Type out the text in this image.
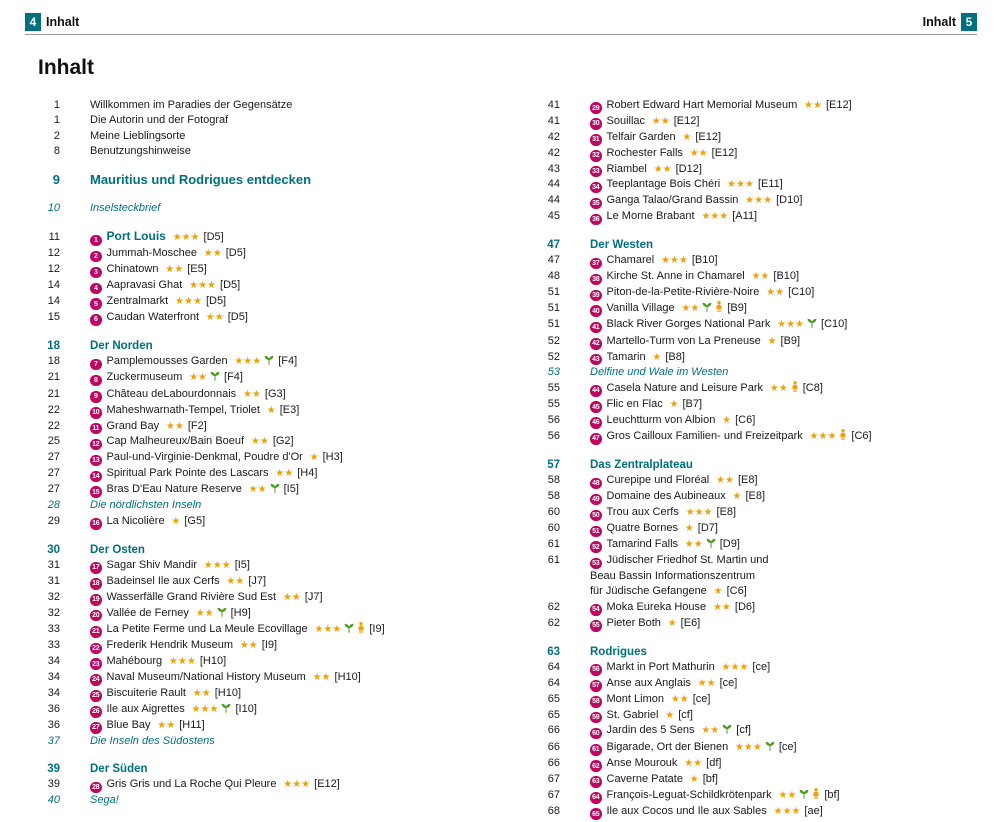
4 Inhalt	Inhalt 5
Inhalt
1	Willkommen im Paradies der Gegensätze
1	Die Autorin und der Fotograf
2	Meine Lieblingsorte
8	Benutzungshinweise
9 Mauritius und Rodrigues entdecken
10	Inselsteckbrief
11	1 Port Louis ★★★ [D5]
12	2 Jummah-Moschee ★★ [D5]
12	3 Chinatown ★★ [E5]
14	4 Aapravasi Ghat ★★★ [D5]
14	5 Zentralmarkt ★★★ [D5]
15	6 Caudan Waterfront ★★ [D5]
18	Der Norden
18	7 Pamplemousses Garden ★★★ [F4]
21	8 Zuckermuseum ★★ [F4]
21	9 Château deLabourdonnais ★★ [G3]
22	10 Maheshwarnath-Tempel, Triolet ★ [E3]
22	11 Grand Bay ★★ [F2]
25	12 Cap Malheureux/Bain Boeuf ★★ [G2]
27	13 Paul-und-Virginie-Denkmal, Poudre d'Or ★ [H3]
27	14 Spiritual Park Pointe des Lascars ★★ [H4]
27	15 Bras D'Eau Nature Reserve ★★ [I5]
28	Die nördlichsten Inseln
29	16 La Nicolière ★ [G5]
30	Der Osten
31	17 Sagar Shiv Mandir ★★★ [I5]
31	18 Badeinsel Ile aux Cerfs ★★ [J7]
32	19 Wasserfälle Grand Rivière Sud Est ★★ [J7]
32	20 Vallée de Ferney ★★ [H9]
33	21 La Petite Ferme und La Meule Ecovillage ★★★	[I9]
33	22 Frederik Hendrik Museum ★★ [I9]
34	23 Mahébourg ★★★ [H10]
34	24 Naval Museum/National History Museum ★★ [H10]
34	25 Biscuiterie Rault ★★ [H10]
36	26 Ile aux Aigrettes ★★★ [I10]
36	27 Blue Bay ★★ [H11]
37	Die Inseln des Südostens
39	Der Süden
39	28 Gris Gris und La Roche Qui Pleure ★★★ [E12]
40	Sega!
41	29 Robert Edward Hart Memorial Museum ★★ [E12]
41	30 Souillac ★★ [E12]
42	31 Telfair Garden ★ [E12]
42	32 Rochester Falls ★★ [E12]
43	33 Riambel ★★ [D12]
44	34 Teeplantage Bois Chéri ★★★ [E11]
44	35 Ganga Talao/Grand Bassin ★★★ [D10]
45	36 Le Morne Brabant ★★★ [A11]
47	Der Westen
47	37 Chamarel ★★★ [B10]
48	38 Kirche St. Anne in Chamarel ★★ [B10]
51	39 Piton-de-la-Petite-Rivière-Noire ★★ [C10]
51	40 Vanilla Village ★★	[B9]
51	41 Black River Gorges National Park ★★★ [C10]
52	42 Martello-Turm von La Preneuse ★ [B9]
52	43 Tamarin ★ [B8]
53	Delfine und Wale im Westen
55	44 Casela Nature and Leisure Park ★★ [C8]
55	45 Flic en Flac ★ [B7]
56	46 Leuchtturm von Albion ★ [C6]
56	47 Gros Cailloux Familien- und Freizeitpark ★★★ [C6]
57	Das Zentralplateau
58	48 Curepipe und Floréal ★★ [E8]
58	49 Domaine des Aubineaux ★ [E8]
60	50 Trou aux Cerfs ★★★ [E8]
60	51 Quatre Bornes ★ [D7]
61	52 Tamarind Falls ★★ [D9]
61	53 Jüdischer Friedhof St. Martin und
Beau Bassin Informationszentrum
für Jüdische Gefangene ★ [C6]
62	54 Moka Eureka House ★★ [D6]
62	55 Pieter Both ★ [E6]
63	Rodrigues
64	56 Markt in Port Mathurin ★★★ [ce]
64	57 Anse aux Anglais ★★ [ce]
65	58 Mont Limon ★★ [ce]
65	59 St. Gabriel ★ [cf]
66	60 Jardin des 5 Sens ★★ [cf]
66	61 Bigarade, Ort der Bienen ★★★ [ce]
66	62 Anse Mourouk ★★ [df]
67	63 Caverne Patate ★ [bf]
67	64 François-Leguat-Schildkrötenpark ★★	[bf]
68	65 Ile aux Cocos und Ile aux Sables ★★★ [ae]
